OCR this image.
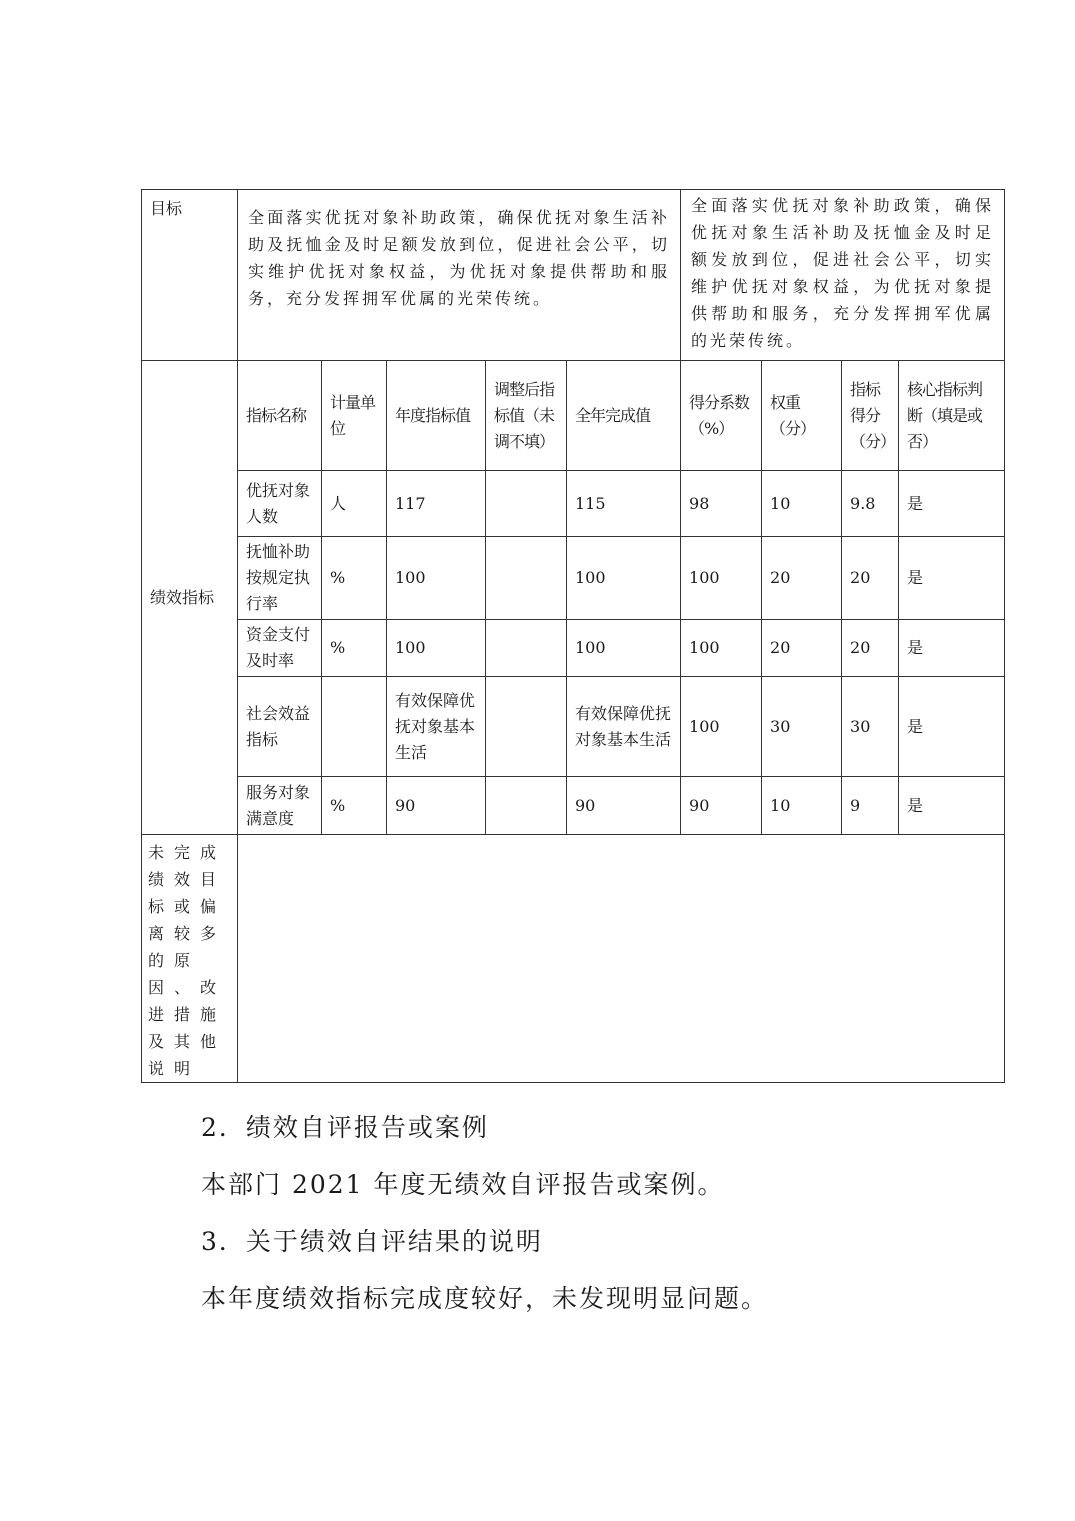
目标	全面落实优抚对象补助政策，确保优抚对象生活补助及抚恤金及时足额发放到位，促进社会公平，切实维护优抚对象权益，为优抚对象提供帮助和服务，充分发挥拥军优属的光荣传统。					全面落实优抚对象补助政策，确保优抚对象生活补助及抚恤金及时足额发放到位，促进社会公平，切实维护优抚对象权益，为优抚对象提供帮助和服务，充分发挥拥军优属的光荣传统。			
绩效指标	指标名称	计量单位	年度指标值	调整后指标值（未调不填）	全年完成值	得分系数（%）	权重（分）	指标得分（分）	核心指标判断（填是或否）
	优抚对象人数	人	117		115	98	10	9.8	是
	抚恤补助按规定执行率	%	100		100	100	20	20	是
	资金支付及时率	%	100		100	100	20	20	是
	社会效益指标		有效保障优抚对象基本生活		有效保障优抚对象基本生活	100	30	30	是
	服务对象满意度	%	90		90	90	10	9	是
未完成绩效目标或偏离较多的原因、改进措施及其他说明									
2．绩效自评报告或案例
本部门 2021 年度无绩效自评报告或案例。
3．关于绩效自评结果的说明
本年度绩效指标完成度较好，未发现明显问题。
